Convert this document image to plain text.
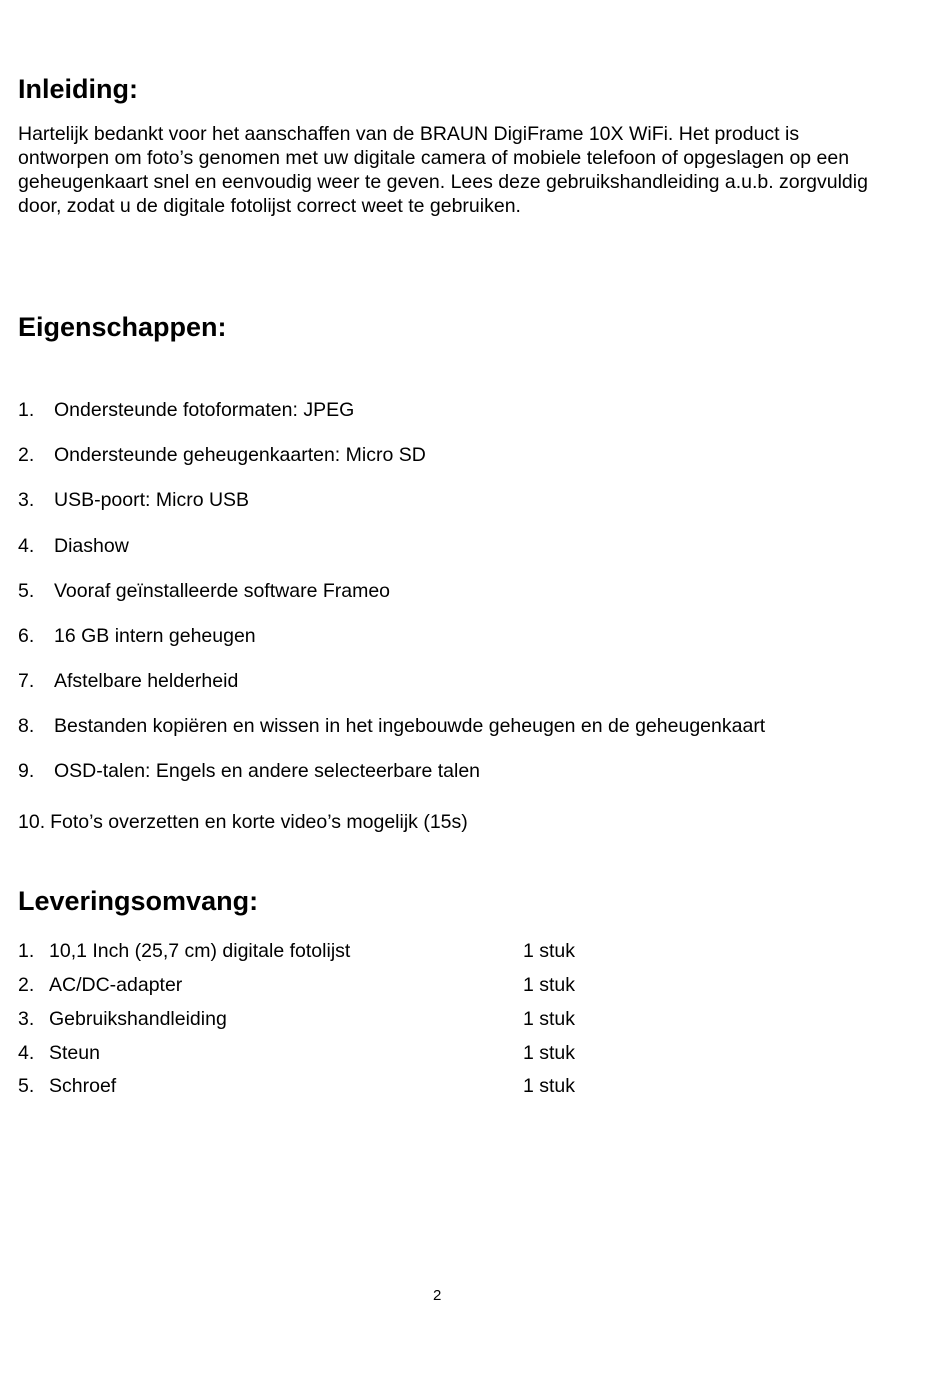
Inleiding:

Hartelijk bedankt voor het aanschaffen van de BRAUN DigiFrame 10X WiFi. Het product is ontworpen om foto’s genomen met uw digitale camera of mobiele telefoon of opgeslagen op een geheugenkaart snel en eenvoudig weer te geven. Lees deze gebruikshandleiding a.u.b. zorgvuldig door, zodat u de digitale fotolijst correct weet te gebruiken.

Eigenschappen:
1. Ondersteunde fotoformaten: JPEG
2. Ondersteunde geheugenkaarten: Micro SD
3. USB-poort: Micro USB
4. Diashow
5. Vooraf geïnstalleerde software Frameo
6. 16 GB intern geheugen
7. Afstelbare helderheid
8. Bestanden kopiëren en wissen in het ingebouwde geheugen en de geheugenkaart
9. OSD-talen: Engels en andere selecteerbare talen
10. Foto’s overzetten en korte video’s mogelijk (15s)
Leveringsomvang:
1. 10,1 Inch (25,7 cm) digitale fotolijst	1 stuk
2. AC/DC-adapter	1 stuk
3. Gebruikshandleiding	1 stuk
4. Steun	1 stuk
5. Schroef	1 stuk
2
